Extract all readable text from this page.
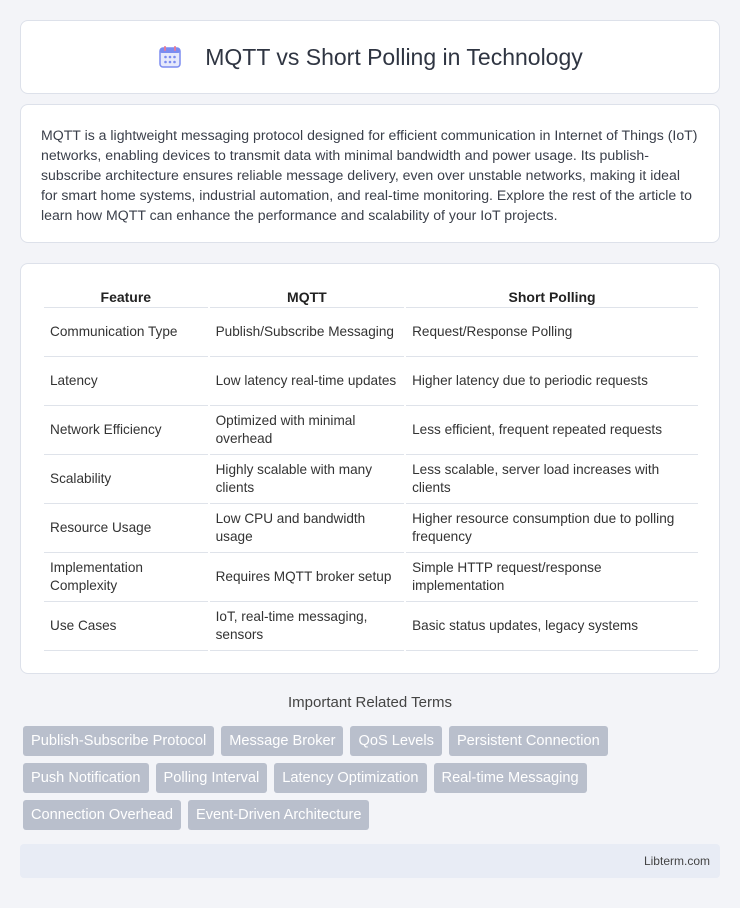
MQTT vs Short Polling in Technology

MQTT is a lightweight messaging protocol designed for efficient communication in Internet of Things (IoT) networks, enabling devices to transmit data with minimal bandwidth and power usage. Its publish-subscribe architecture ensures reliable message delivery, even over unstable networks, making it ideal for smart home systems, industrial automation, and real-time monitoring. Explore the rest of the article to learn how MQTT can enhance the performance and scalability of your IoT projects.

Feature	MQTT	Short Polling
Communication Type	Publish/Subscribe Messaging	Request/Response Polling
Latency	Low latency real-time updates	Higher latency due to periodic requests
Network Efficiency	Optimized with minimal overhead	Less efficient, frequent repeated requests
Scalability	Highly scalable with many clients	Less scalable, server load increases with clients
Resource Usage	Low CPU and bandwidth usage	Higher resource consumption due to polling frequency
Implementation Complexity	Requires MQTT broker setup	Simple HTTP request/response implementation
Use Cases	IoT, real-time messaging, sensors	Basic status updates, legacy systems
Important Related Terms
Publish-Subscribe Protocol	Message Broker	QoS Levels	Persistent Connection
Push Notification	Polling Interval	Latency Optimization	Real-time Messaging
Connection Overhead	Event-Driven Architecture
Libterm.com
